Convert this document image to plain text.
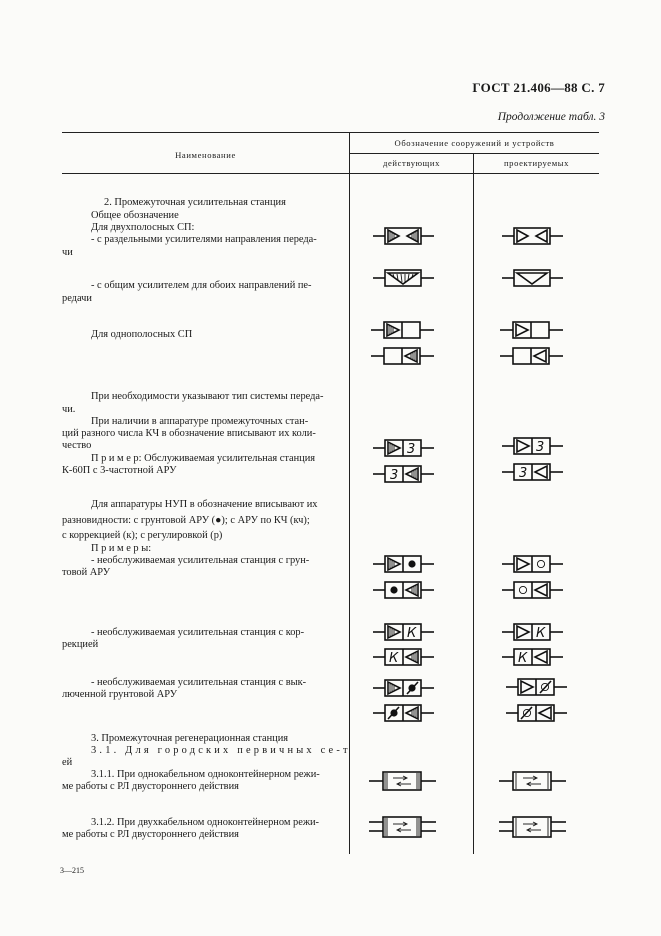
ГОСТ 21.406—88 С. 7
Продолжение табл. 3
Наименование
Обозначение сооружений и устройств
действующих	проектируемых
2. Промежуточная усилительная станция
Общее обозначение
Для двухполосных СП:
- с раздельными усилителями направления переда-
чи
- с общим усилителем для обоих направлений пе-
редачи
Для однополосных СП
При необходимости указывают тип системы переда-
чи.
При наличии в аппаратуре промежуточных стан-
ций разного числа КЧ в обозначение вписывают их коли-
чество
П р и м е р: Обслуживаемая усилительная станция
К-60П с 3-частотной АРУ
Для аппаратуры НУП в обозначение вписывают их
разновидности: с грунтовой АРУ (●); с АРУ по КЧ (кч);
с коррекцией (к); с регулировкой (р)
П р и м е р ы:
- необслуживаемая усилительная станция с грун-
товой АРУ
- необслуживаемая усилительная станция с кор-
рекцией
- необслуживаемая усилительная станция с вык-
люченной грунтовой АРУ
3. Промежуточная регенерационная станция
3.1. Для городских первичных се-т
ей
3.1.1. При однокабельном одноконтейнерном режи-
ме работы с РЛ двустороннего действия
3.1.2. При двухкабельном одноконтейнерном режи-
ме работы с РЛ двустороннего действия
3
3
К
К
3
3
К
К
3—215
